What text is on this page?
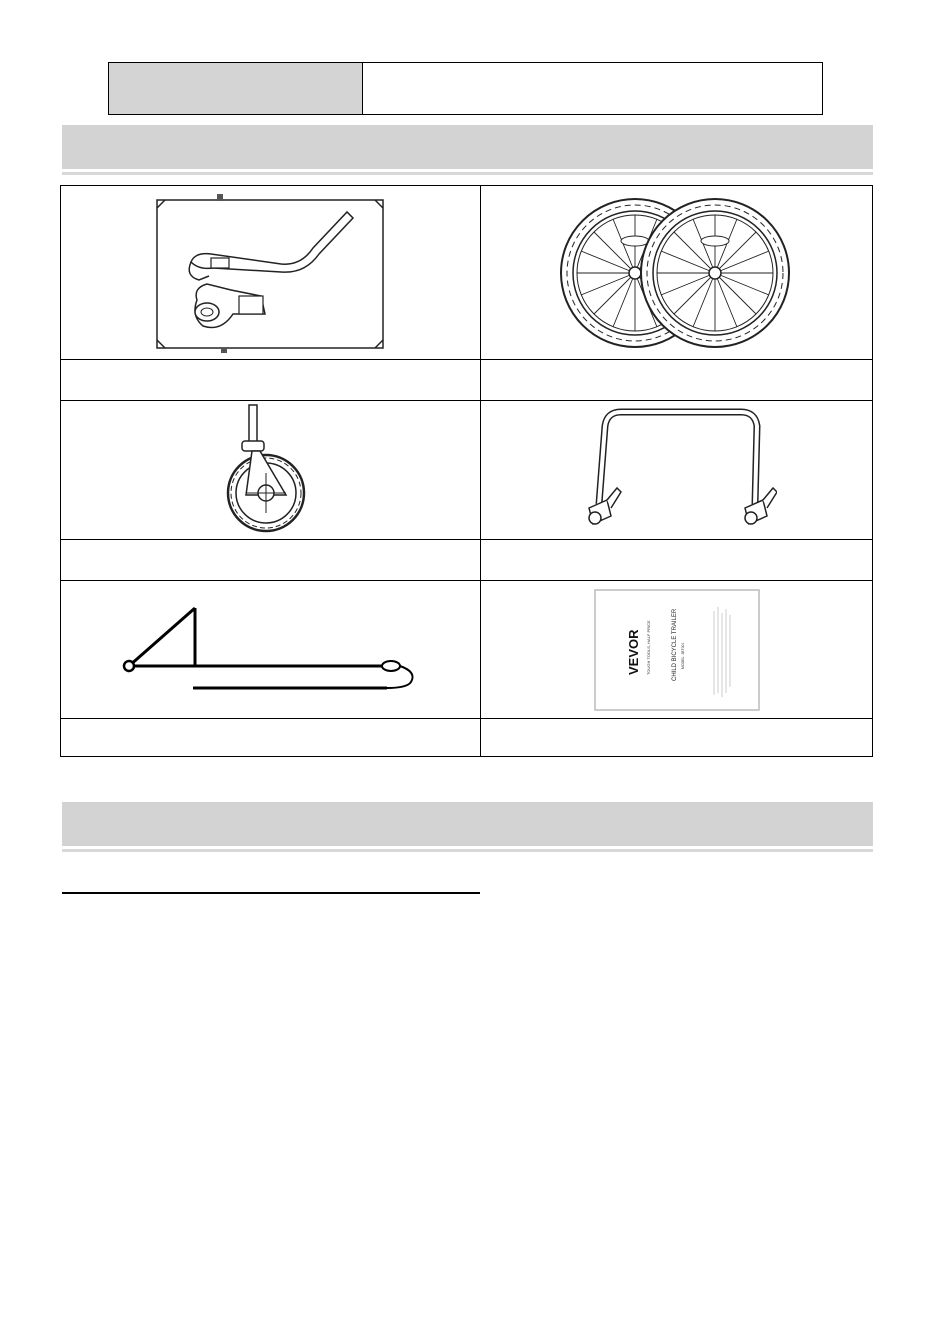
VEVOR TOUGH TOOLS, HALF PRICE	CHILD BICYCLE TRAILER MODEL: JBT001
